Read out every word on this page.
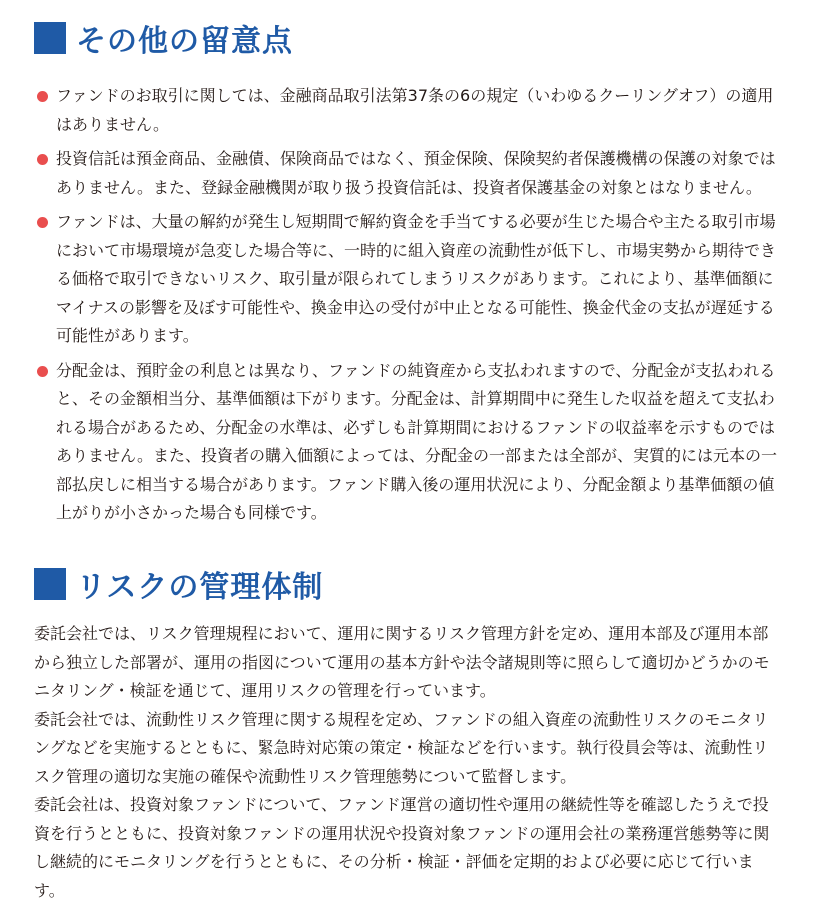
その他の留意点
ファンドのお取引に関しては、金融商品取引法第37条の6の規定（いわゆるクーリングオフ）の適用はありません。
投資信託は預金商品、金融債、保険商品ではなく、預金保険、保険契約者保護機構の保護の対象ではありません。また、登録金融機関が取り扱う投資信託は、投資者保護基金の対象とはなりません。
ファンドは、大量の解約が発生し短期間で解約資金を手当てする必要が生じた場合や主たる取引市場において市場環境が急変した場合等に、一時的に組入資産の流動性が低下し、市場実勢から期待できる価格で取引できないリスク、取引量が限られてしまうリスクがあります。これにより、基準価額にマイナスの影響を及ぼす可能性や、換金申込の受付が中止となる可能性、換金代金の支払が遅延する可能性があります。
分配金は、預貯金の利息とは異なり、ファンドの純資産から支払われますので、分配金が支払われると、その金額相当分、基準価額は下がります。分配金は、計算期間中に発生した収益を超えて支払われる場合があるため、分配金の水準は、必ずしも計算期間におけるファンドの収益率を示すものではありません。また、投資者の購入価額によっては、分配金の一部または全部が、実質的には元本の一部払戻しに相当する場合があります。ファンド購入後の運用状況により、分配金額より基準価額の値上がりが小さかった場合も同様です。
リスクの管理体制

委託会社では、リスク管理規程において、運用に関するリスク管理方針を定め、運用本部及び運用本部から独立した部署が、運用の指図について運用の基本方針や法令諸規則等に照らして適切かどうかのモニタリング・検証を通じて、運用リスクの管理を行っています。

委託会社では、流動性リスク管理に関する規程を定め、ファンドの組入資産の流動性リスクのモニタリングなどを実施するとともに、緊急時対応策の策定・検証などを行います。執行役員会等は、流動性リスク管理の適切な実施の確保や流動性リスク管理態勢について監督します。

委託会社は、投資対象ファンドについて、ファンド運営の適切性や運用の継続性等を確認したうえで投資を行うとともに、投資対象ファンドの運用状況や投資対象ファンドの運用会社の業務運営態勢等に関し継続的にモニタリングを行うとともに、その分析・検証・評価を定期的および必要に応じて行います。
